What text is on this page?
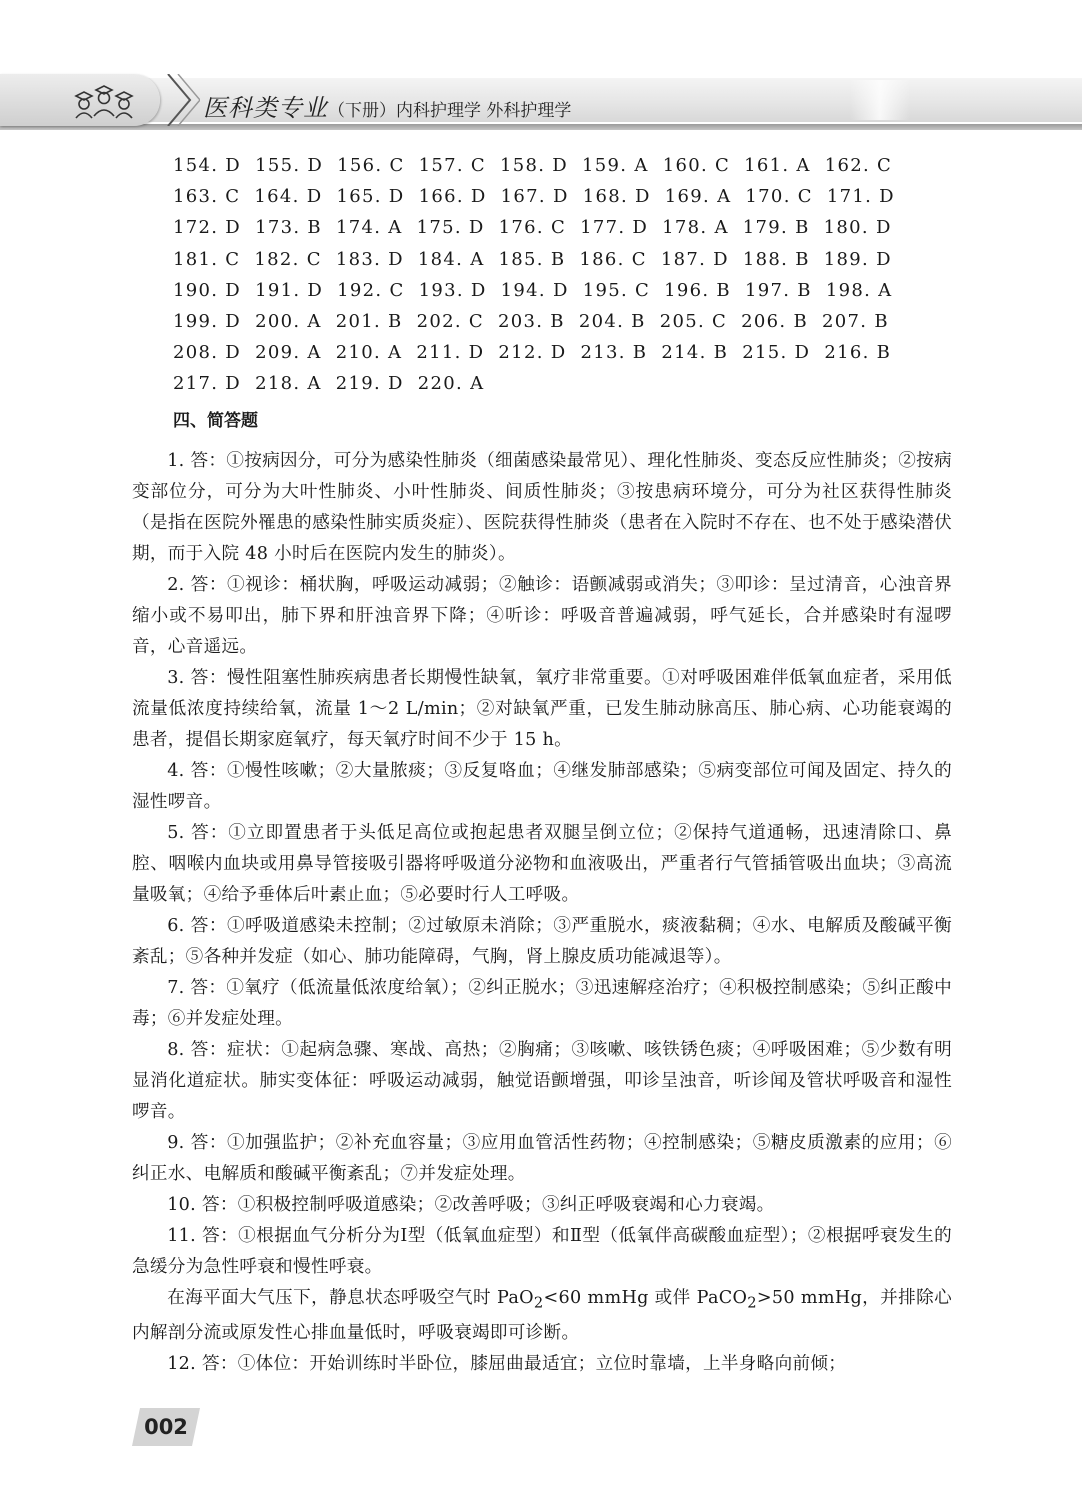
医科类专业（下册）内科护理学 外科护理学
154. D  155. D  156. C  157. C  158. D  159. A  160. C  161. A  162. C
163. C  164. D  165. D  166. D  167. D  168. D  169. A  170. C  171. D
172. D  173. B  174. A  175. D  176. C  177. D  178. A  179. B  180. D
181. C  182. C  183. D  184. A  185. B  186. C  187. D  188. B  189. D
190. D  191. D  192. C  193. D  194. D  195. C  196. B  197. B  198. A
199. D  200. A  201. B  202. C  203. B  204. B  205. C  206. B  207. B
208. D  209. A  210. A  211. D  212. D  213. B  214. B  215. D  216. B
217. D  218. A  219. D  220. A
四、简答题

1. 答：①按病因分，可分为感染性肺炎（细菌感染最常见）、理化性肺炎、变态反应性肺炎；②按病变部位分，可分为大叶性肺炎、小叶性肺炎、间质性肺炎；③按患病环境分，可分为社区获得性肺炎（是指在医院外罹患的感染性肺实质炎症）、医院获得性肺炎（患者在入院时不存在、也不处于感染潜伏期，而于入院 48 小时后在医院内发生的肺炎）。

2. 答：①视诊：桶状胸，呼吸运动减弱；②触诊：语颤减弱或消失；③叩诊：呈过清音，心浊音界缩小或不易叩出，肺下界和肝浊音界下降；④听诊：呼吸音普遍减弱，呼气延长，合并感染时有湿啰音，心音遥远。

3. 答：慢性阻塞性肺疾病患者长期慢性缺氧，氧疗非常重要。①对呼吸困难伴低氧血症者，采用低流量低浓度持续给氧，流量 1～2 L/min；②对缺氧严重，已发生肺动脉高压、肺心病、心功能衰竭的患者，提倡长期家庭氧疗，每天氧疗时间不少于 15 h。

4. 答：①慢性咳嗽；②大量脓痰；③反复咯血；④继发肺部感染；⑤病变部位可闻及固定、持久的湿性啰音。

5. 答：①立即置患者于头低足高位或抱起患者双腿呈倒立位；②保持气道通畅，迅速清除口、鼻腔、咽喉内血块或用鼻导管接吸引器将呼吸道分泌物和血液吸出，严重者行气管插管吸出血块；③高流量吸氧；④给予垂体后叶素止血；⑤必要时行人工呼吸。

6. 答：①呼吸道感染未控制；②过敏原未消除；③严重脱水，痰液黏稠；④水、电解质及酸碱平衡紊乱；⑤各种并发症（如心、肺功能障碍，气胸，肾上腺皮质功能减退等）。

7. 答：①氧疗（低流量低浓度给氧）；②纠正脱水；③迅速解痉治疗；④积极控制感染；⑤纠正酸中毒；⑥并发症处理。

8. 答：症状：①起病急骤、寒战、高热；②胸痛；③咳嗽、咳铁锈色痰；④呼吸困难；⑤少数有明显消化道症状。肺实变体征：呼吸运动减弱，触觉语颤增强，叩诊呈浊音，听诊闻及管状呼吸音和湿性啰音。

9. 答：①加强监护；②补充血容量；③应用血管活性药物；④控制感染；⑤糖皮质激素的应用；⑥纠正水、电解质和酸碱平衡紊乱；⑦并发症处理。

10. 答：①积极控制呼吸道感染；②改善呼吸；③纠正呼吸衰竭和心力衰竭。

11. 答：①根据血气分析分为Ⅰ型（低氧血症型）和Ⅱ型（低氧伴高碳酸血症型）；②根据呼衰发生的急缓分为急性呼衰和慢性呼衰。

在海平面大气压下，静息状态呼吸空气时 PaO$_2$<60 mmHg 或伴 PaCO$_2$>50 mmHg，并排除心内解剖分流或原发性心排血量低时，呼吸衰竭即可诊断。

12. 答：①体位：开始训练时半卧位，膝屈曲最适宜；立位时靠墙，上半身略向前倾；

002
